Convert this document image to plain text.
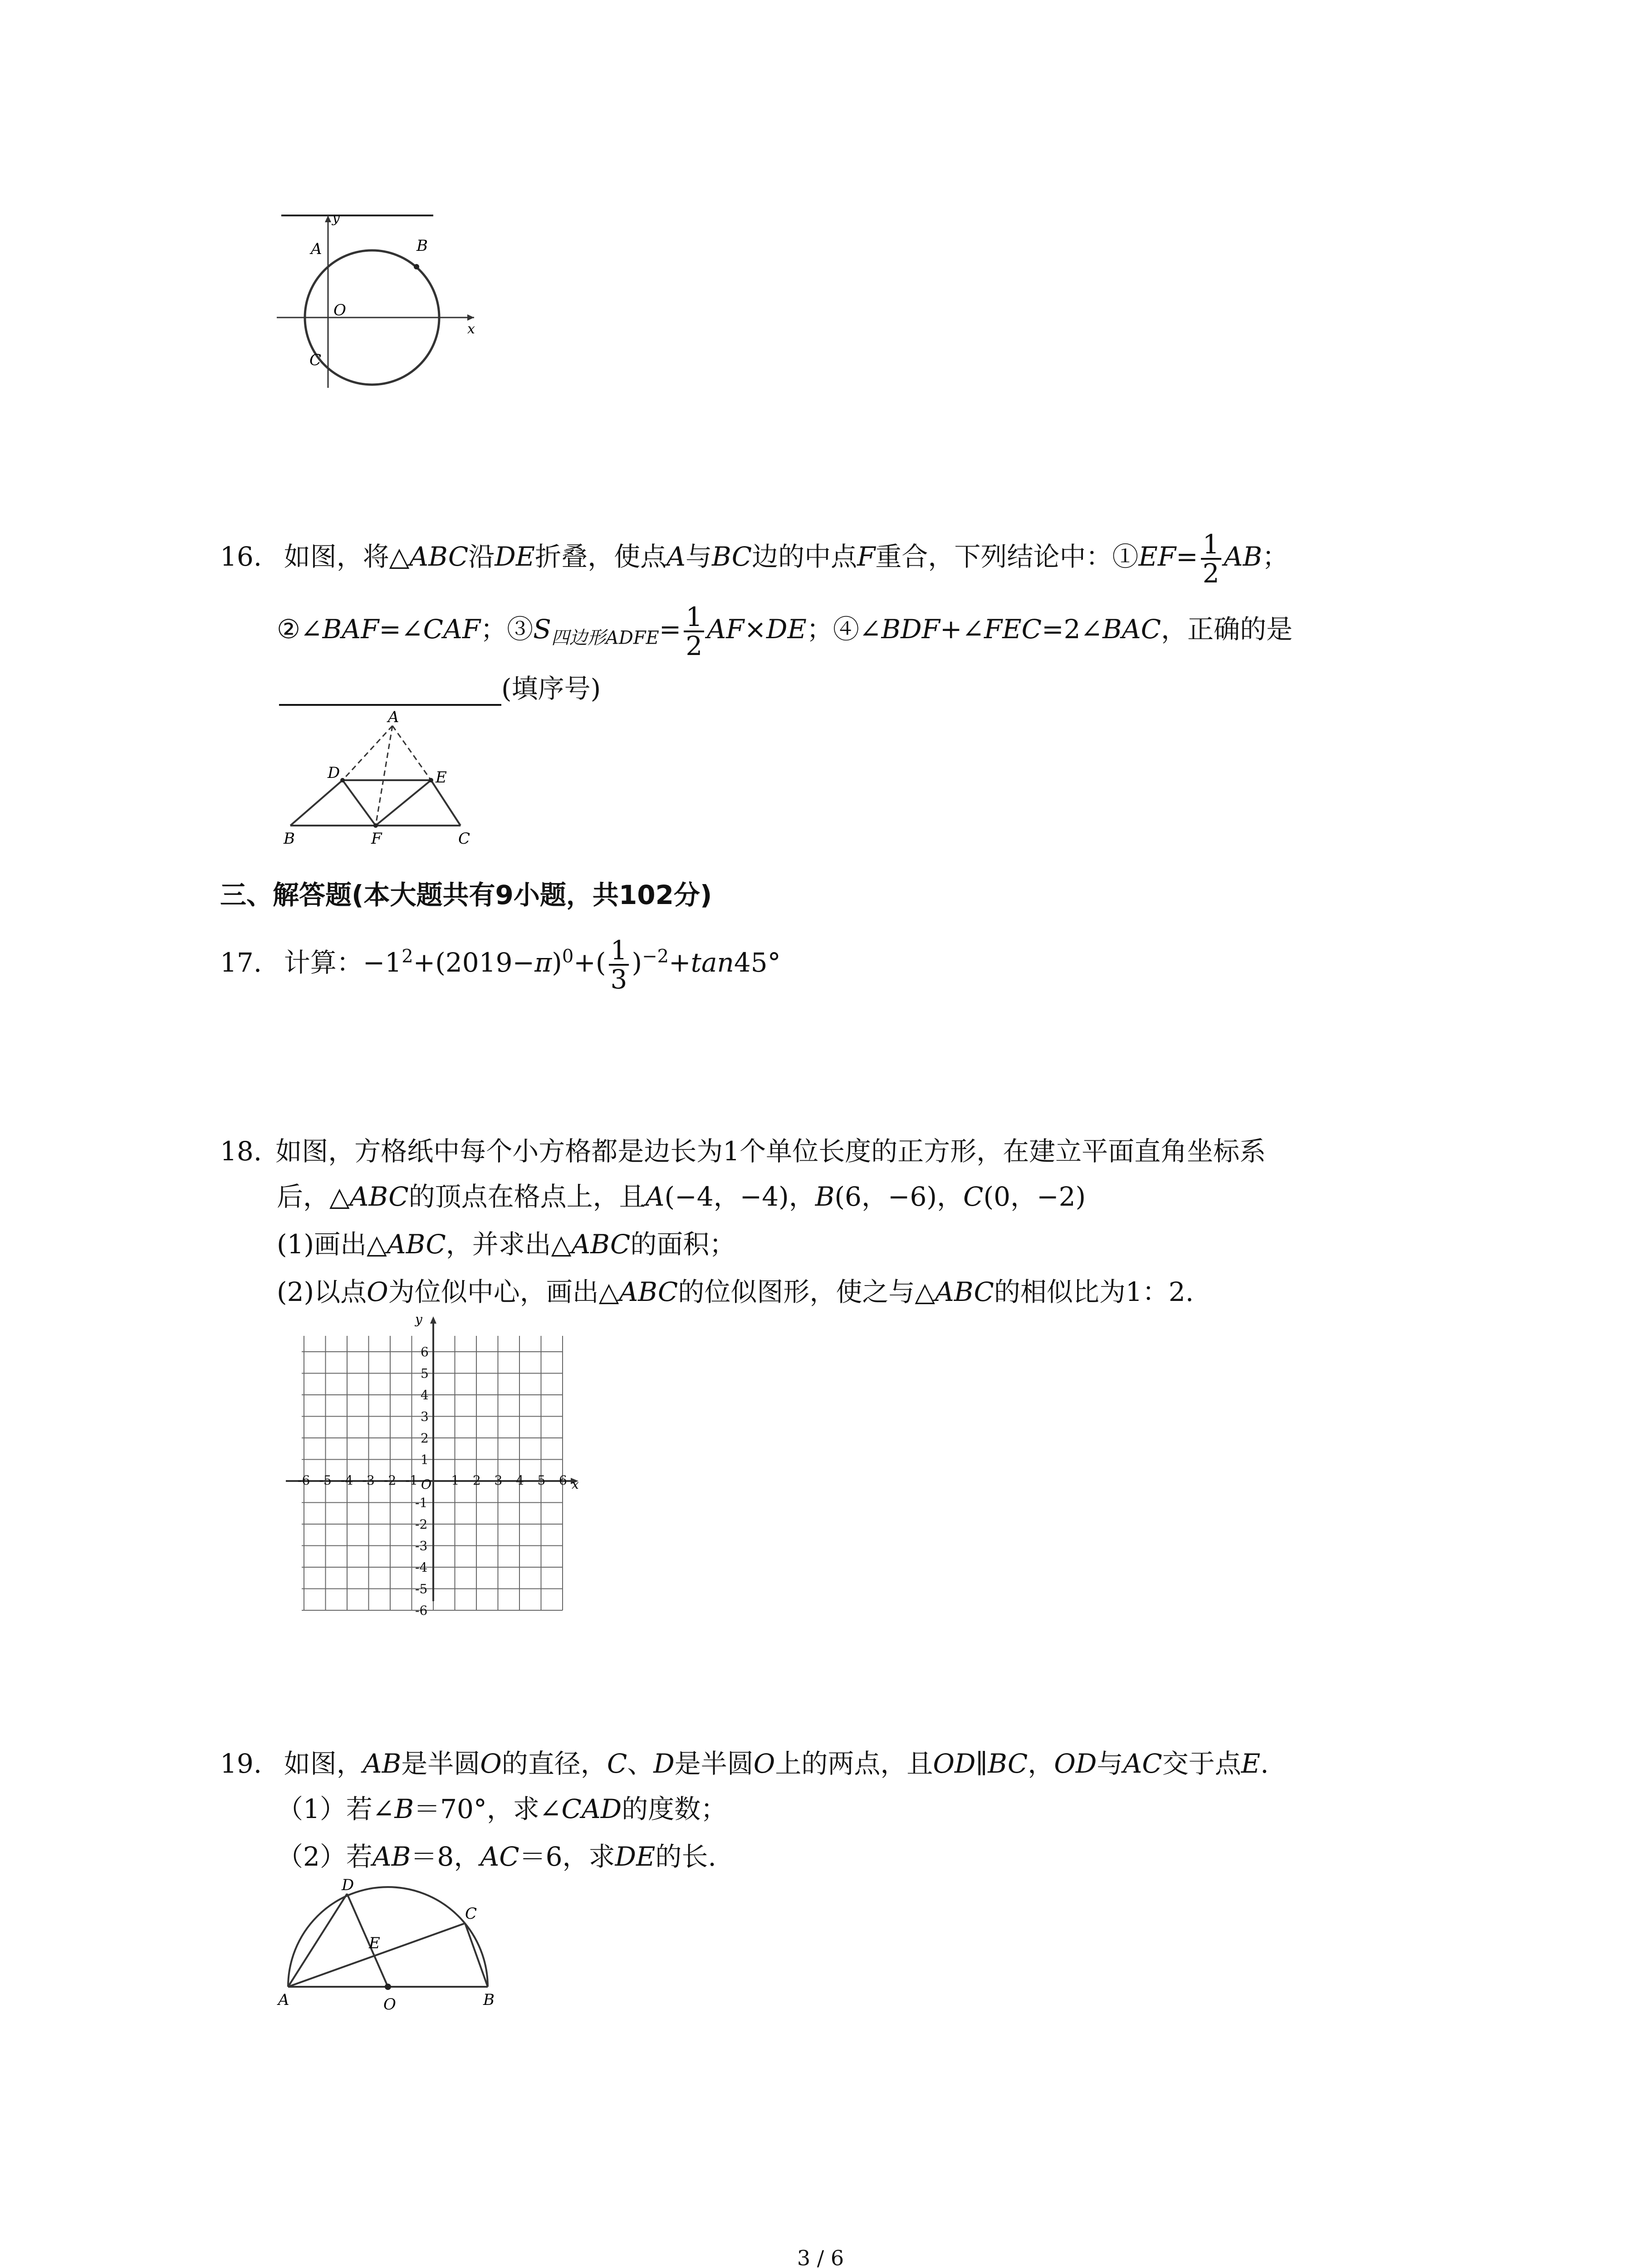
A	B
O
C
x
y
16. 如图，将△ABC沿DE折叠，使点A与BC边的中点F重合，下列结论中：①EF= $\frac{1}{2}$ AB；
②∠BAF=∠CAF；$③S_{四边形ADFE}= \frac{1}{2} AF\times DE$；④∠BDF+∠FEC=2∠BAC，正确的是
(填序号)
A
D	E
B	F	C
三、解答题(本大题共有9小题，共102分)
17. 计算：$-1^2+(2019-\pi)^0+( \frac{1}{3} )^{-2}+\tan 45^\circ$
18. 如图，方格纸中每个小方格都是边长为1个单位长度的正方形，在建立平面直角坐标系
后，△ABC的顶点在格点上，且A(−4，−4)，B(6，−6)，C(0，−2)
(1)画出△ABC，并求出△ABC的面积；
(2)以点O为位似中心，画出△ABC的位似图形，使之与△ABC的相似比为1：2.
x
y
O
-6 -5 -4 -3 -2 -1	1 2 3 4 5 6
6
5
4
3
2
1
-1
-2
-3
-4
-5
-6
19. 如图，AB是半圆O的直径，C、D是半圆O上的两点，且OD∥BC，OD与AC交于点E.
（1）若∠B＝70°，求∠CAD的度数；
（2）若AB＝8，AC＝6，求DE的长.
D
C
E
A	O	B
3 / 6
